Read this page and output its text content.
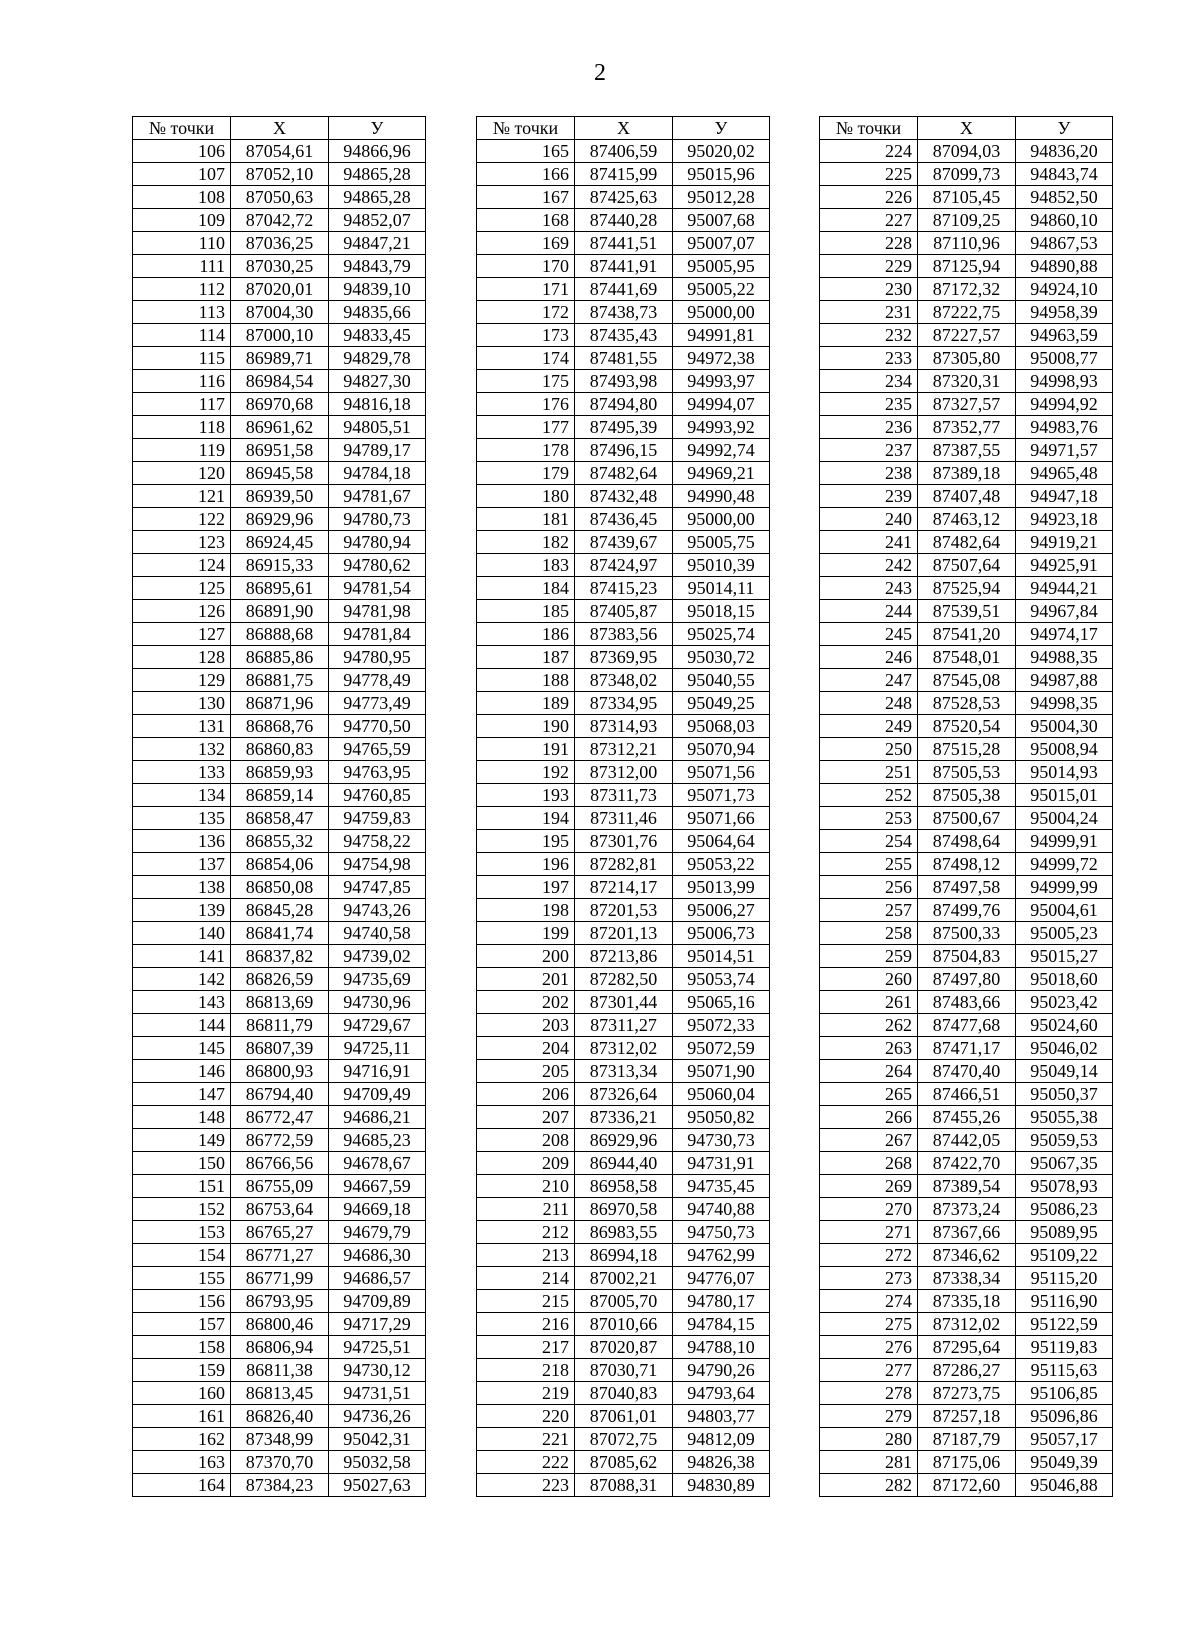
2
№ точки	X	У
106	87054,61	94866,96
107	87052,10	94865,28
108	87050,63	94865,28
109	87042,72	94852,07
110	87036,25	94847,21
111	87030,25	94843,79
112	87020,01	94839,10
113	87004,30	94835,66
114	87000,10	94833,45
115	86989,71	94829,78
116	86984,54	94827,30
117	86970,68	94816,18
118	86961,62	94805,51
119	86951,58	94789,17
120	86945,58	94784,18
121	86939,50	94781,67
122	86929,96	94780,73
123	86924,45	94780,94
124	86915,33	94780,62
125	86895,61	94781,54
126	86891,90	94781,98
127	86888,68	94781,84
128	86885,86	94780,95
129	86881,75	94778,49
130	86871,96	94773,49
131	86868,76	94770,50
132	86860,83	94765,59
133	86859,93	94763,95
134	86859,14	94760,85
135	86858,47	94759,83
136	86855,32	94758,22
137	86854,06	94754,98
138	86850,08	94747,85
139	86845,28	94743,26
140	86841,74	94740,58
141	86837,82	94739,02
142	86826,59	94735,69
143	86813,69	94730,96
144	86811,79	94729,67
145	86807,39	94725,11
146	86800,93	94716,91
147	86794,40	94709,49
148	86772,47	94686,21
149	86772,59	94685,23
150	86766,56	94678,67
151	86755,09	94667,59
152	86753,64	94669,18
153	86765,27	94679,79
154	86771,27	94686,30
155	86771,99	94686,57
156	86793,95	94709,89
157	86800,46	94717,29
158	86806,94	94725,51
159	86811,38	94730,12
160	86813,45	94731,51
161	86826,40	94736,26
162	87348,99	95042,31
163	87370,70	95032,58
164	87384,23	95027,63
№ точки	X	У
165	87406,59	95020,02
166	87415,99	95015,96
167	87425,63	95012,28
168	87440,28	95007,68
169	87441,51	95007,07
170	87441,91	95005,95
171	87441,69	95005,22
172	87438,73	95000,00
173	87435,43	94991,81
174	87481,55	94972,38
175	87493,98	94993,97
176	87494,80	94994,07
177	87495,39	94993,92
178	87496,15	94992,74
179	87482,64	94969,21
180	87432,48	94990,48
181	87436,45	95000,00
182	87439,67	95005,75
183	87424,97	95010,39
184	87415,23	95014,11
185	87405,87	95018,15
186	87383,56	95025,74
187	87369,95	95030,72
188	87348,02	95040,55
189	87334,95	95049,25
190	87314,93	95068,03
191	87312,21	95070,94
192	87312,00	95071,56
193	87311,73	95071,73
194	87311,46	95071,66
195	87301,76	95064,64
196	87282,81	95053,22
197	87214,17	95013,99
198	87201,53	95006,27
199	87201,13	95006,73
200	87213,86	95014,51
201	87282,50	95053,74
202	87301,44	95065,16
203	87311,27	95072,33
204	87312,02	95072,59
205	87313,34	95071,90
206	87326,64	95060,04
207	87336,21	95050,82
208	86929,96	94730,73
209	86944,40	94731,91
210	86958,58	94735,45
211	86970,58	94740,88
212	86983,55	94750,73
213	86994,18	94762,99
214	87002,21	94776,07
215	87005,70	94780,17
216	87010,66	94784,15
217	87020,87	94788,10
218	87030,71	94790,26
219	87040,83	94793,64
220	87061,01	94803,77
221	87072,75	94812,09
222	87085,62	94826,38
223	87088,31	94830,89
№ точки	X	У
224	87094,03	94836,20
225	87099,73	94843,74
226	87105,45	94852,50
227	87109,25	94860,10
228	87110,96	94867,53
229	87125,94	94890,88
230	87172,32	94924,10
231	87222,75	94958,39
232	87227,57	94963,59
233	87305,80	95008,77
234	87320,31	94998,93
235	87327,57	94994,92
236	87352,77	94983,76
237	87387,55	94971,57
238	87389,18	94965,48
239	87407,48	94947,18
240	87463,12	94923,18
241	87482,64	94919,21
242	87507,64	94925,91
243	87525,94	94944,21
244	87539,51	94967,84
245	87541,20	94974,17
246	87548,01	94988,35
247	87545,08	94987,88
248	87528,53	94998,35
249	87520,54	95004,30
250	87515,28	95008,94
251	87505,53	95014,93
252	87505,38	95015,01
253	87500,67	95004,24
254	87498,64	94999,91
255	87498,12	94999,72
256	87497,58	94999,99
257	87499,76	95004,61
258	87500,33	95005,23
259	87504,83	95015,27
260	87497,80	95018,60
261	87483,66	95023,42
262	87477,68	95024,60
263	87471,17	95046,02
264	87470,40	95049,14
265	87466,51	95050,37
266	87455,26	95055,38
267	87442,05	95059,53
268	87422,70	95067,35
269	87389,54	95078,93
270	87373,24	95086,23
271	87367,66	95089,95
272	87346,62	95109,22
273	87338,34	95115,20
274	87335,18	95116,90
275	87312,02	95122,59
276	87295,64	95119,83
277	87286,27	95115,63
278	87273,75	95106,85
279	87257,18	95096,86
280	87187,79	95057,17
281	87175,06	95049,39
282	87172,60	95046,88
